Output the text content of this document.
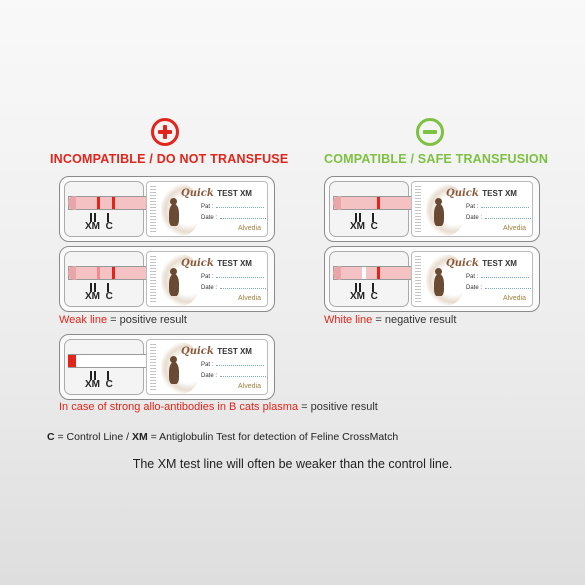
INCOMPATIBLE / DO NOT TRANSFUSE	COMPATIBLE / SAFE TRANSFUSION
XM C
Quick TEST XM
Pat :
Date :
Alvedia
XM C
Quick TEST XM
Pat :
Date :
Alvedia
Weak line = positive result
XM C
Quick TEST XM
Pat :
Date :
Alvedia
In case of strong allo-antibodies in B cats plasma = positive result
XM C
Quick TEST XM
Pat :
Date :
Alvedia
XM C
Quick TEST XM
Pat :
Date :
Alvedia
White line = negative result
C = Control Line / XM = Antiglobulin Test for detection of Feline CrossMatch
The XM test line will often be weaker than the control line.
